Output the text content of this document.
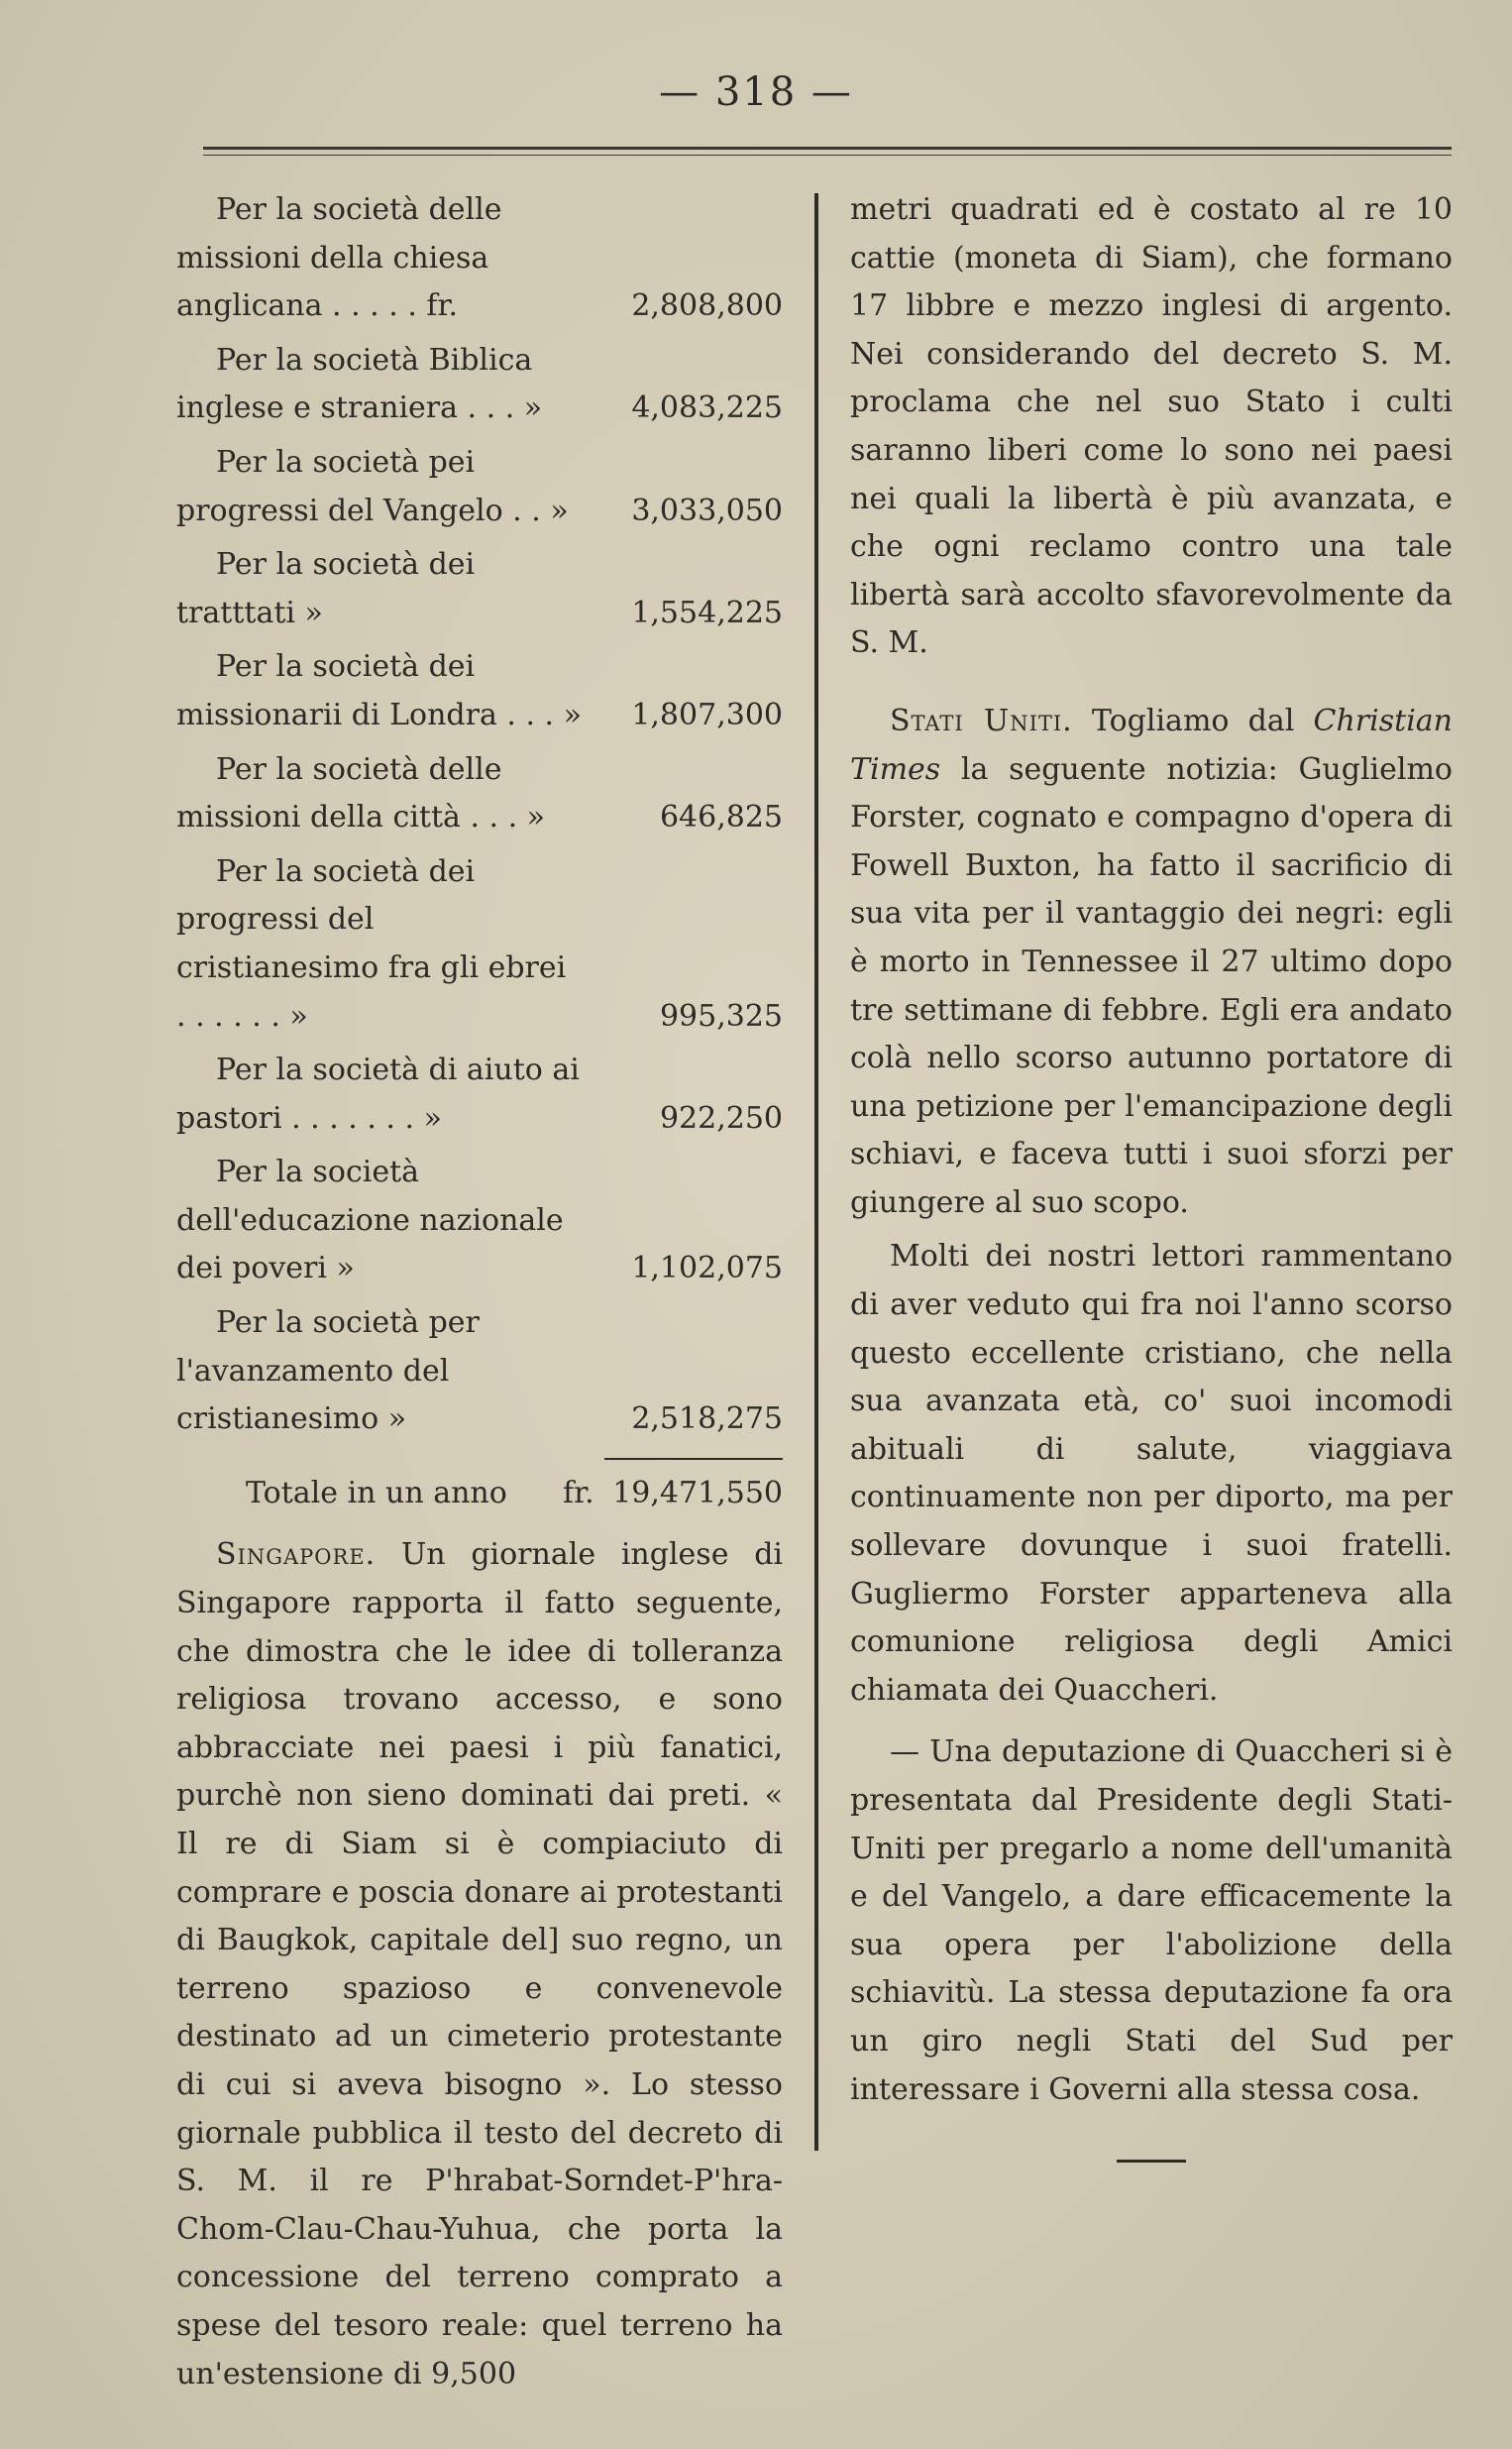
— 318 —
Per la società delle missioni della chiesa anglicana . . . . . fr.	2,808,800
Per la società Biblica inglese e straniera . . . »	4,083,225
Per la società pei progressi del Vangelo . . »	3,033,050
Per la società dei tratttati »	1,554,225
Per la società dei missionarii di Londra . . . »	1,807,300
Per la società delle missioni della città . . . »	646,825
Per la società dei progressi del cristianesimo fra gli ebrei . . . . . . »	995,325
Per la società di aiuto ai pastori . . . . . . . »	922,250
Per la società dell'educazione nazionale dei poveri »	1,102,075
Per la società per l'avanzamento del cristianesimo »	2,518,275
Totale in un anno fr. 19,471,550

Singapore. Un giornale inglese di Singapore rapporta il fatto seguente, che dimostra che le idee di tolleranza religiosa trovano accesso, e sono abbracciate nei paesi i più fanatici, purchè non sieno dominati dai preti. « Il re di Siam si è compiaciuto di comprare e poscia donare ai protestanti di Baugkok, capitale del] suo regno, un terreno spazioso e convenevole destinato ad un cimeterio protestante di cui si aveva bisogno ». Lo stesso giornale pubblica il testo del decreto di S. M. il re P'hrabat-Sorndet-P'hra-Chom-Clau-Chau-Yuhua, che porta la concessione del terreno comprato a spese del tesoro reale: quel terreno ha un'estensione di 9,500

metri quadrati ed è costato al re 10 cattie (moneta di Siam), che formano 17 libbre e mezzo inglesi di argento. Nei considerando del decreto S. M. proclama che nel suo Stato i culti saranno liberi come lo sono nei paesi nei quali la libertà è più avanzata, e che ogni reclamo contro una tale libertà sarà accolto sfavorevolmente da S. M.

Stati Uniti. Togliamo dal Christian Times la seguente notizia: Guglielmo Forster, cognato e compagno d'opera di Fowell Buxton, ha fatto il sacrificio di sua vita per il vantaggio dei negri: egli è morto in Tennessee il 27 ultimo dopo tre settimane di febbre. Egli era andato colà nello scorso autunno portatore di una petizione per l'emancipazione degli schiavi, e faceva tutti i suoi sforzi per giungere al suo scopo.

Molti dei nostri lettori rammentano di aver veduto qui fra noi l'anno scorso questo eccellente cristiano, che nella sua avanzata età, co' suoi incomodi abituali di salute, viaggiava continuamente non per diporto, ma per sollevare dovunque i suoi fratelli. Gugliermo Forster apparteneva alla comunione religiosa degli Amici chiamata dei Quaccheri.

— Una deputazione di Quaccheri si è presentata dal Presidente degli Stati-Uniti per pregarlo a nome dell'umanità e del Vangelo, a dare efficacemente la sua opera per l'abolizione della schiavitù. La stessa deputazione fa ora un giro negli Stati del Sud per interessare i Governi alla stessa cosa.
